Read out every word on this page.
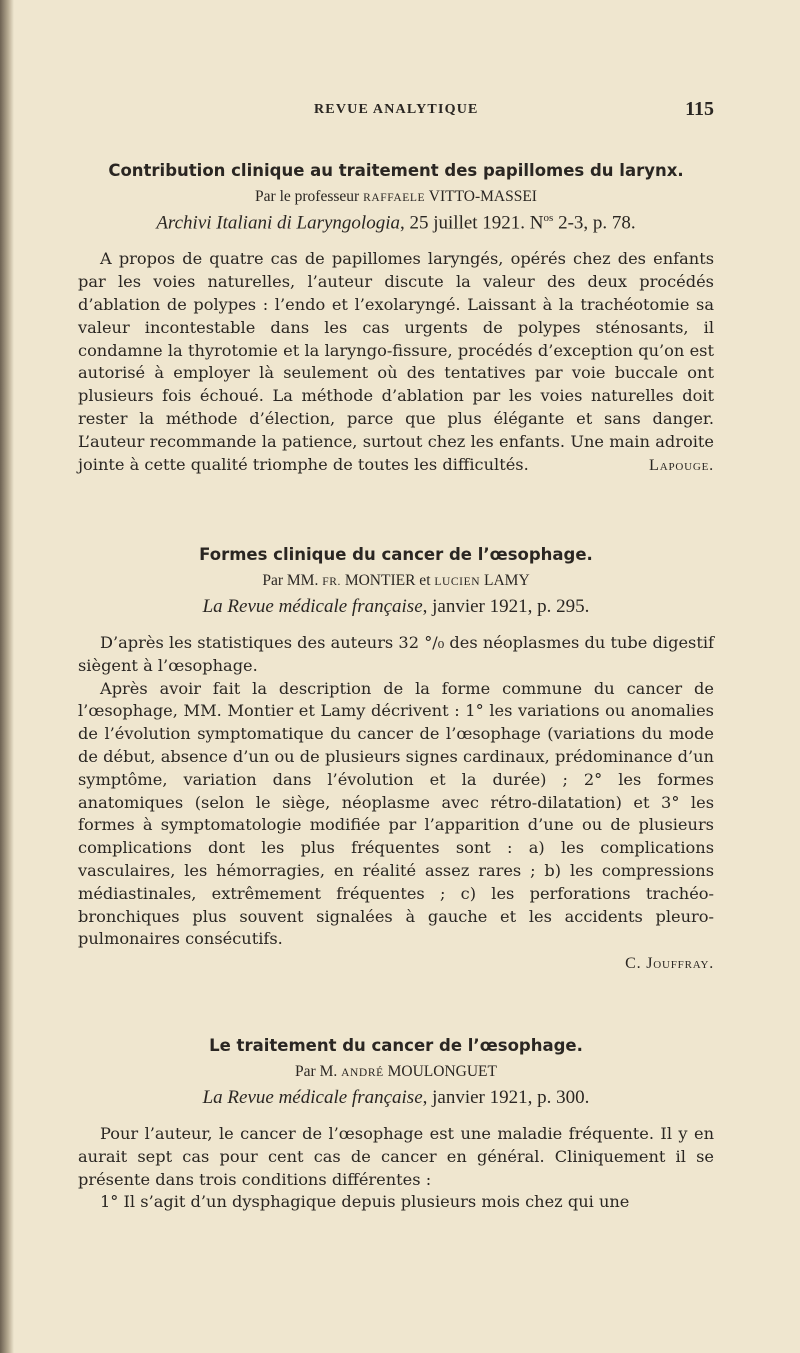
REVUE ANALYTIQUE	115
Contribution clinique au traitement des papillomes du larynx.
Par le professeur RAFFAELE VITTO-MASSEI
Archivi Italiani di Laryngologia, 25 juillet 1921. $N^{os}$ 2-3, p. 78.

A propos de quatre cas de papillomes laryngés, opérés chez des enfants par les voies naturelles, l’auteur discute la valeur des deux procédés d’ablation de polypes : l’endo et l’exolaryngé. Laissant à la trachéotomie sa valeur incontestable dans les cas urgents de polypes sténosants, il condamne la thyrotomie et la laryngo-fissure, procédés d’exception qu’on est autorisé à employer là seulement où des tentatives par voie buccale ont plusieurs fois échoué. La méthode d’ablation par les voies naturelles doit rester la méthode d’élection, parce que plus élégante et sans danger. L’auteur recommande la patience, surtout chez les enfants. Une main adroite jointe à cette qualité triomphe de toutes les difficultés.	Lapouge.

Formes clinique du cancer de l’œsophage.
Par MM. FR. MONTIER et LUCIEN LAMY
La Revue médicale française, janvier 1921, p. 295.

D’après les statistiques des auteurs 32 °/₀ des néoplasmes du tube digestif siègent à l’œsophage.

Après avoir fait la description de la forme commune du cancer de l’œsophage, MM. Montier et Lamy décrivent : 1° les variations ou anomalies de l’évolution symptomatique du cancer de l’œsophage (variations du mode de début, absence d’un ou de plusieurs signes cardinaux, prédominance d’un symptôme, variation dans l’évolution et la durée) ; 2° les formes anatomiques (selon le siège, néoplasme avec rétro-dilatation) et 3° les formes à symptomatologie modifiée par l’apparition d’une ou de plusieurs complications dont les plus fréquentes sont : a) les complications vasculaires, les hémorragies, en réalité assez rares ; b) les compressions médiastinales, extrêmement fréquentes ; c) les perforations trachéo-bronchiques plus souvent signalées à gauche et les accidents pleuro-pulmonaires consécutifs.

C. Jouffray.
Le traitement du cancer de l’œsophage.
Par M. ANDRÉ MOULONGUET
La Revue médicale française, janvier 1921, p. 300.

Pour l’auteur, le cancer de l’œsophage est une maladie fréquente. Il y en aurait sept cas pour cent cas de cancer en général. Cliniquement il se présente dans trois conditions différentes :

1° Il s’agit d’un dysphagique depuis plusieurs mois chez qui une
